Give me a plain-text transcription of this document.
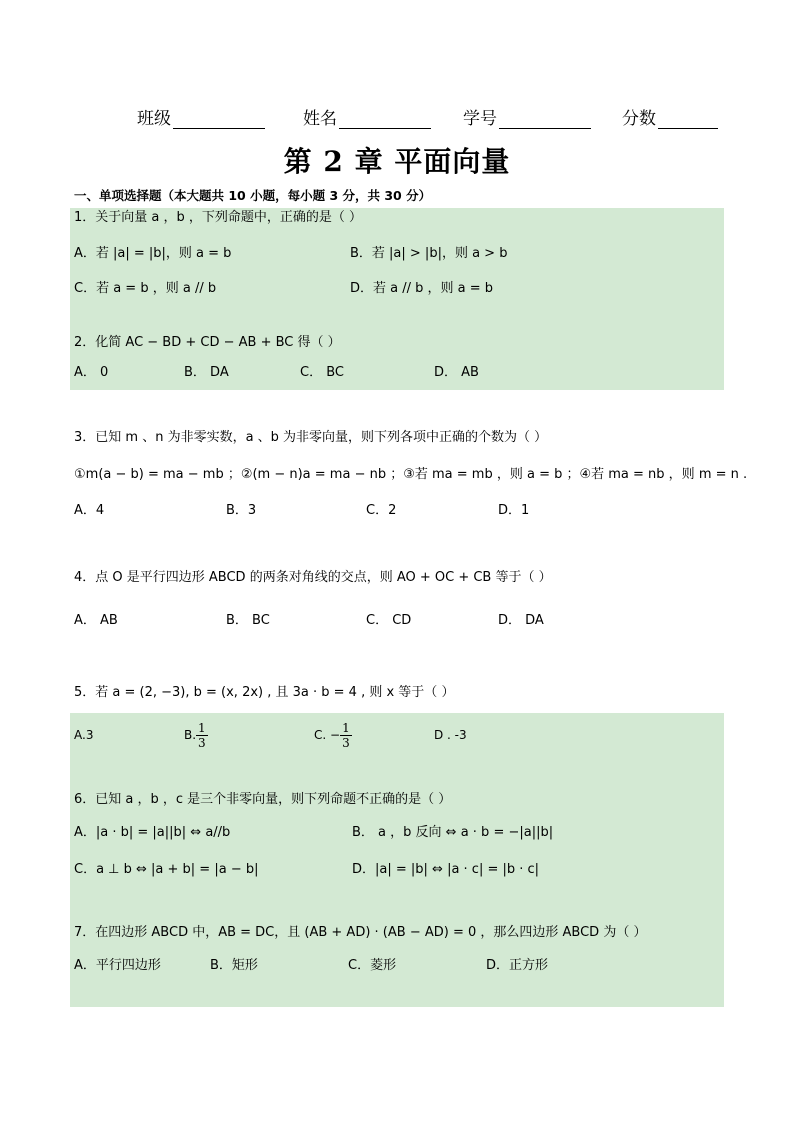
班级	姓名	学号	分数
第 2 章 平面向量
一、单项选择题（本大题共 10 小题，每小题 3 分，共 30 分）
1．关于向量 a ，b ，下列命题中，正确的是（ ）
A．若 |a| = |b|，则 a = b	B．若 |a| > |b|，则 a > b
C．若 a = b ，则 a // b	D．若 a // b ，则 a = b
2．化简 AC − BD + CD − AB + BC 得（ ）
A． 0	B． DA	C． BC	D． AB
3．已知 m 、n 为非零实数，a 、b 为非零向量，则下列各项中正确的个数为（ ）
①m(a − b) = ma − mb ；②(m − n)a = ma − nb ；③若 ma = mb ，则 a = b ；④若 ma = nb ，则 m = n .
A．4	B．3	C．2	D．1
4．点 O 是平行四边形 ABCD 的两条对角线的交点，则 AO + OC + CB 等于（ ）
A． AB	B． BC	C． CD	D． DA
5．若 a = (2, −3), b = (x, 2x) , 且 3a · b = 4 , 则 x 等于（ ）
A.3	B. $\frac{1}{3}$	C. − $\frac{1}{3}$	D . -3
6．已知 a ，b ，c 是三个非零向量，则下列命题不正确的是（ ）
A．|a · b| = |a||b| ⇔ a//b	B． a ，b 反向 ⇔ a · b = −|a||b|
C．a ⊥ b ⇔ |a + b| = |a − b|	D．|a| = |b| ⇔ |a · c| = |b · c|
7．在四边形 ABCD 中，AB = DC，且 (AB + AD) · (AB − AD) = 0 ，那么四边形 ABCD 为（ ）
A．平行四边形	B．矩形	C．菱形	D．正方形
